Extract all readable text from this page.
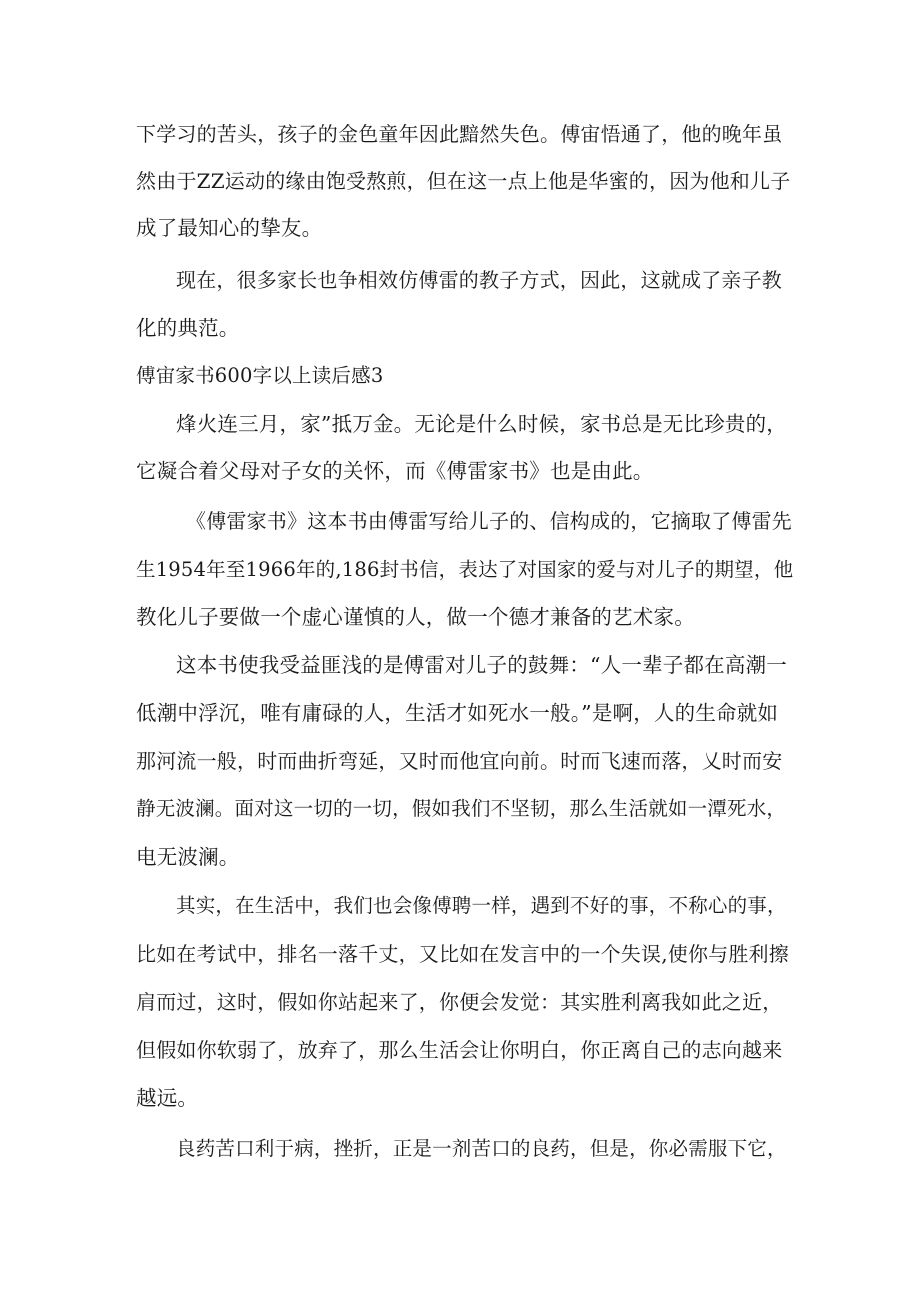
下学习的苦头，孩子的金色童年因此黯然失色。傅宙悟通了，他的晚年虽
然由于ZZ运动的缘由饱受熬煎，但在这一点上他是华蜜的，因为他和儿子
成了最知心的挚友。
现在，很多家长也争相效仿傅雷的教子方式，因此，这就成了亲子教
化的典范。
傅宙家书600字以上读后感3
烽火连三月，家”抵万金。无论是什么时候，家书总是无比珍贵的，
它凝合着父母对子女的关怀，而《傅雷家书》也是由此。
《傅雷家书》这本书由傅雷写给儿子的、信构成的，它摘取了傅雷先
生1954年至1966年的,186封书信，表达了对国家的爱与对儿子的期望，他
教化儿子要做一个虚心谨慎的人，做一个德才兼备的艺术家。
这本书使我受益匪浅的是傅雷对儿子的鼓舞：“人一辈子都在高潮一
低潮中浮沉，唯有庸碌的人，生活才如死水一般。”是啊，人的生命就如
那河流一般，时而曲折弯延，又时而他宜向前。时而飞速而落，乂时而安
静无波澜。面对这一切的一切，假如我们不坚韧，那么生活就如一潭死水，
电无波澜。
其实，在生活中，我们也会像傅聘一样，遇到不好的事，不称心的事，
比如在考试中，排名一落千丈，又比如在发言中的一个失误,使你与胜利擦
肩而过，这时，假如你站起来了，你便会发觉：其实胜利离我如此之近，
但假如你软弱了，放弃了，那么生活会让你明白，你正离自己的志向越来
越远。
良药苦口利于病，挫折，正是一剂苦口的良药，但是，你必需服下它，
